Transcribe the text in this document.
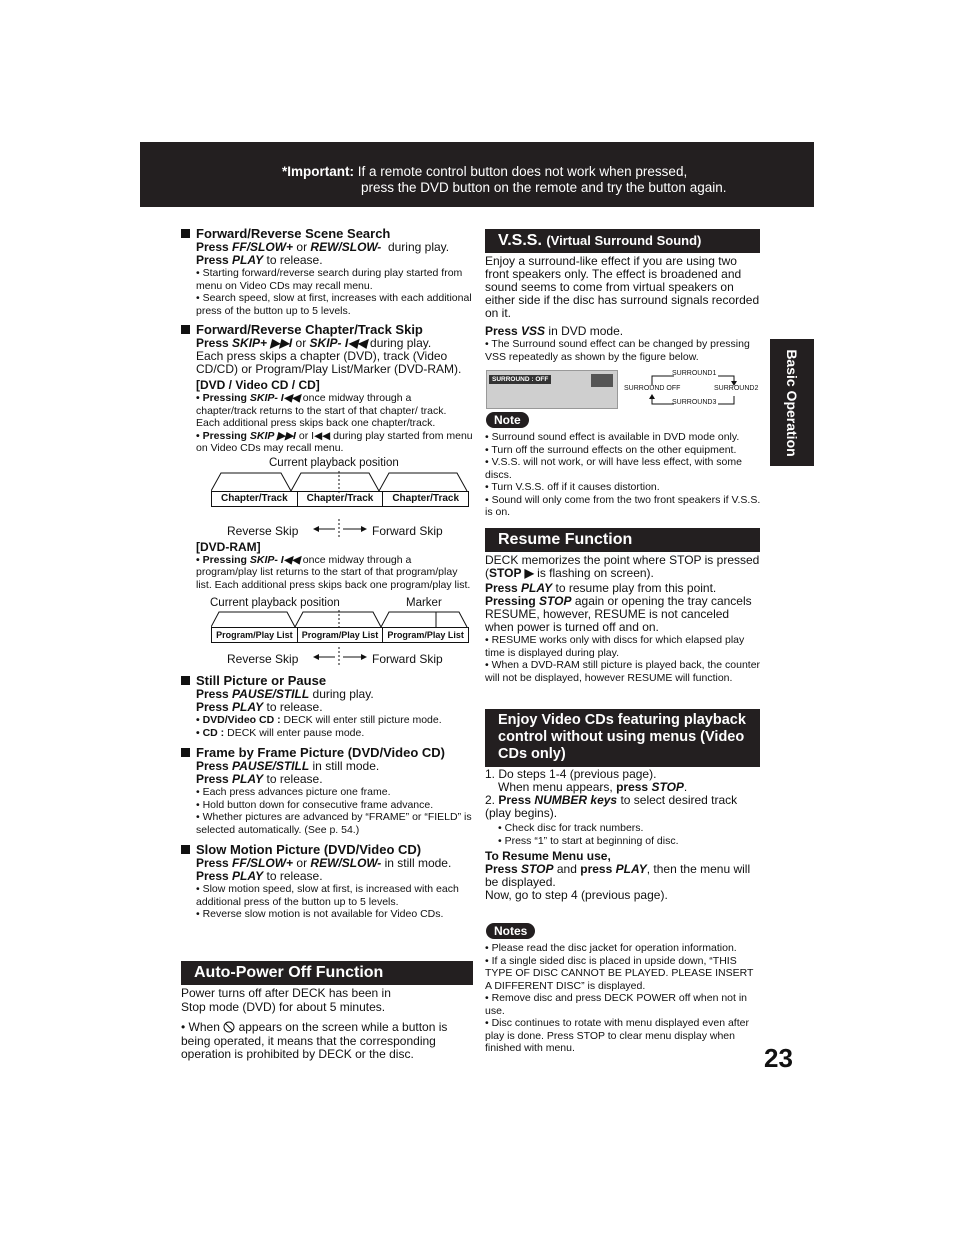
*Important: If a remote control button does not work when pressed,
press the DVD button on the remote and try the button again.
Basic Operation
Forward/Reverse Scene Search
Press FF/SLOW+ or REW/SLOW- during play.
Press PLAY to release.
• Starting forward/reverse search during play started from menu on Video CDs may recall menu.
• Search speed, slow at first, increases with each additional press of the button up to 5 levels.
Forward/Reverse Chapter/Track Skip
Press SKIP+ ▶▶I or SKIP- I◀◀ during play.
Each press skips a chapter (DVD), track (Video CD/CD) or Program/Play List/Marker (DVD-RAM).
[DVD / Video CD / CD]
• Pressing SKIP- I◀◀ once midway through a chapter/track returns to the start of that chapter/ track. Each additional press skips back one chapter/track.
• Pressing SKIP ▶▶I or I◀◀ during play started from menu on Video CDs may recall menu.
Current playback position
Chapter/Track	Chapter/Track	Chapter/Track
Reverse Skip	Forward Skip
[DVD-RAM]
• Pressing SKIP- I◀◀ once midway through a program/play list returns to the start of that program/play list. Each additional press skips back one program/play list.
Current playback position	Marker
Program/Play List	Program/Play List	Program/Play List
Reverse Skip	Forward Skip
Still Picture or Pause
Press PAUSE/STILL during play.
Press PLAY to release.
• DVD/Video CD : DECK will enter still picture mode.
• CD : DECK will enter pause mode.
Frame by Frame Picture (DVD/Video CD)
Press PAUSE/STILL in still mode.
Press PLAY to release.
• Each press advances picture one frame.
• Hold button down for consecutive frame advance.
• Whether pictures are advanced by “FRAME” or “FIELD” is selected automatically. (See p. 54.)
Slow Motion Picture (DVD/Video CD)
Press FF/SLOW+ or REW/SLOW- in still mode.
Press PLAY to release.
• Slow motion speed, slow at first, is increased with each additional press of the button up to 5 levels.
• Reverse slow motion is not available for Video CDs.
Auto-Power Off Function
Power turns off after DECK has been in Stop mode (DVD) for about 5 minutes.
• When appears on the screen while a button is being operated, it means that the corresponding operation is prohibited by DECK or the disc.
V.S.S. (Virtual Surround Sound)
Enjoy a surround-like effect if you are using two front speakers only. The effect is broadened and sound seems to come from virtual speakers on either side if the disc has surround signals recorded on it.
Press VSS in DVD mode.
• The Surround sound effect can be changed by pressing VSS repeatedly as shown by the figure below.
SURROUND : OFF
SURROUND1
SURROUND OFF	SURROUND2
SURROUND3
Note
• Surround sound effect is available in DVD mode only.
• Turn off the surround effects on the other equipment.
• V.S.S. will not work, or will have less effect, with some discs.
• Turn V.S.S. off if it causes distortion.
• Sound will only come from the two front speakers if V.S.S. is on.
Resume Function
DECK memorizes the point where STOP is pressed (STOP ▶ is flashing on screen).
Press PLAY to resume play from this point.
Pressing STOP again or opening the tray cancels RESUME, however, RESUME is not canceled when power is turned off and on.
• RESUME works only with discs for which elapsed play time is displayed during play.
• When a DVD-RAM still picture is played back, the counter will not be displayed, however RESUME will function.
Enjoy Video CDs featuring playback control without using menus (Video CDs only)
1. Do steps 1-4 (previous page).
When menu appears, press STOP.
2. Press NUMBER keys to select desired track (play begins).
• Check disc for track numbers.
• Press “1” to start at beginning of disc.
To Resume Menu use,
Press STOP and press PLAY, then the menu will be displayed.
Now, go to step 4 (previous page).
Notes
• Please read the disc jacket for operation information.
• If a single sided disc is placed in upside down, “THIS TYPE OF DISC CANNOT BE PLAYED. PLEASE INSERT A DIFFERENT DISC” is displayed.
• Remove disc and press DECK POWER off when not in use.
• Disc continues to rotate with menu displayed even after play is done. Press STOP to clear menu display when finished with menu.	23
